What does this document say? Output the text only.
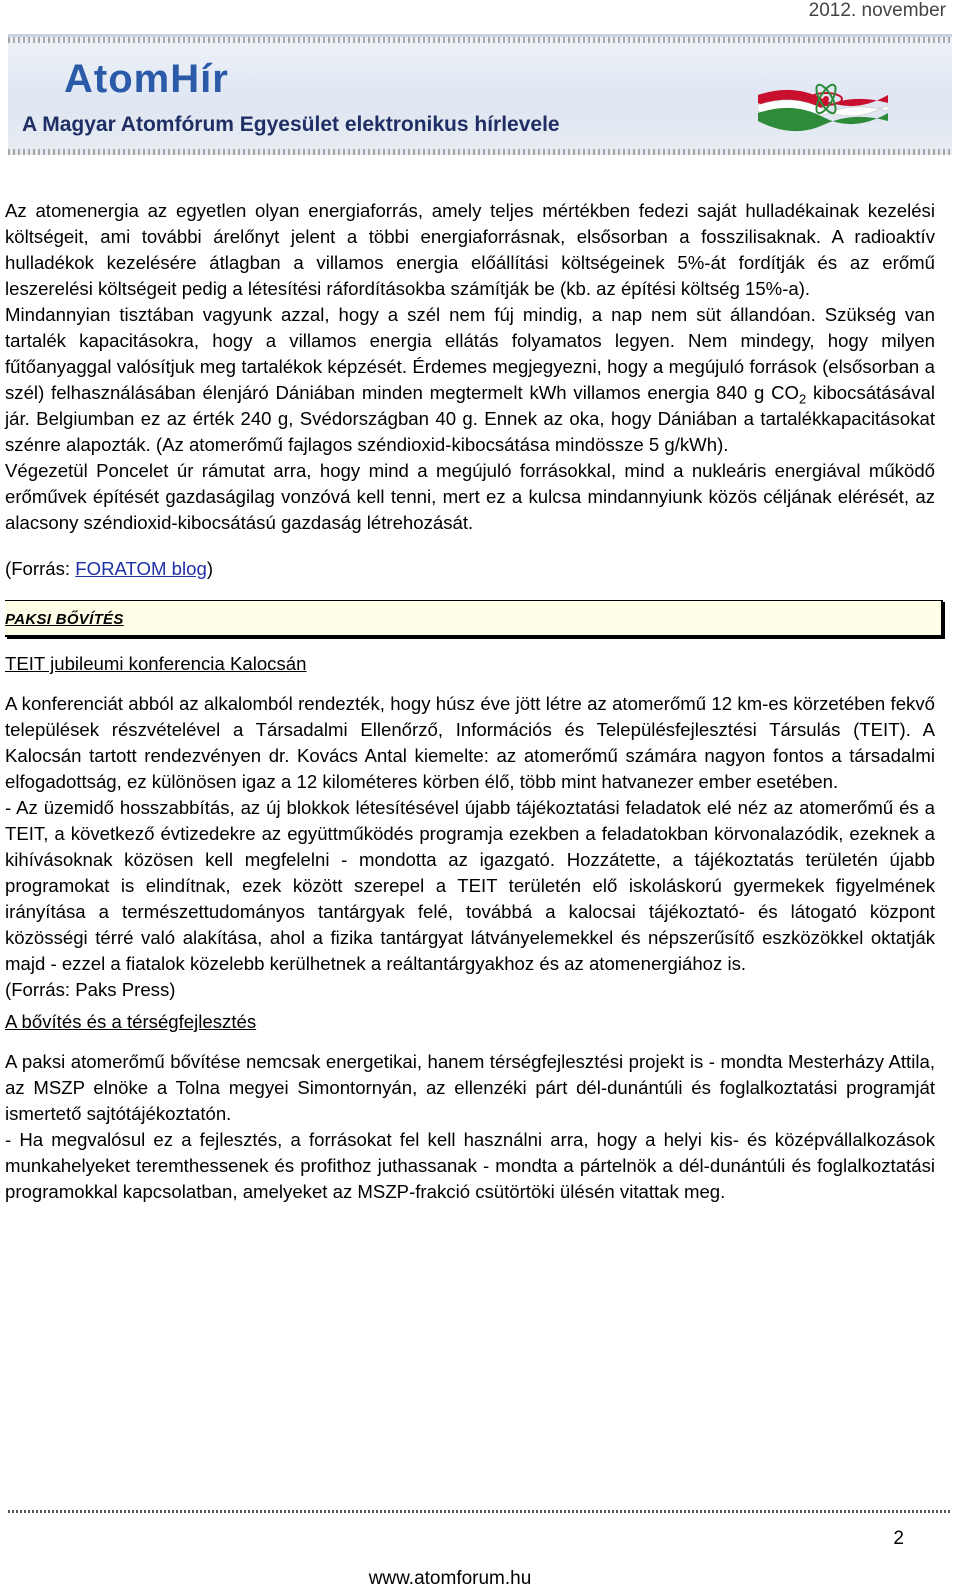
2012. november
AtomHír
A Magyar Atomfórum Egyesület elektronikus hírlevele

Az atomenergia az egyetlen olyan energiaforrás, amely teljes mértékben fedezi saját hulladékainak kezelési költségeit, ami további árelőnyt jelent a többi energiaforrásnak, elsősorban a fosszilisaknak. A radioaktív hulladékok kezelésére átlagban a villamos energia előállítási költségeinek 5%-át fordítják és az erőmű leszerelési költségeit pedig a létesítési ráfordításokba számítják be (kb. az építési költség 15%-a).

Mindannyian tisztában vagyunk azzal, hogy a szél nem fúj mindig, a nap nem süt állandóan. Szükség van tartalék kapacitásokra, hogy a villamos energia ellátás folyamatos legyen. Nem mindegy, hogy milyen fűtőanyaggal valósítjuk meg tartalékok képzését. Érdemes megjegyezni, hogy a megújuló források (elsősorban a szél) felhasználásában élenjáró Dániában minden megtermelt kWh villamos energia 840 g $CO_2$ kibocsátásával jár. Belgiumban ez az érték 240 g, Svédországban 40 g. Ennek az oka, hogy Dániában a tartalékkapacitásokat szénre alapozták. (Az atomerőmű fajlagos széndioxid-kibocsátása mindössze 5 g/kWh).

Végezetül Poncelet úr rámutat arra, hogy mind a megújuló forrásokkal, mind a nukleáris energiával működő erőművek építését gazdaságilag vonzóvá kell tenni, mert ez a kulcsa mindannyiunk közös céljának elérését, az alacsony széndioxid-kibocsátású gazdaság létrehozását.

(Forrás: FORATOM blog)

PAKSI BŐVÍTÉS

TEIT jubileumi konferencia Kalocsán

A konferenciát abból az alkalomból rendezték, hogy húsz éve jött létre az atomerőmű 12 km-es körzetében fekvő települések részvételével a Társadalmi Ellenőrző, Információs és Településfejlesztési Társulás (TEIT). A Kalocsán tartott rendezvényen dr. Kovács Antal kiemelte: az atomerőmű számára nagyon fontos a társadalmi elfogadottság, ez különösen igaz a 12 kilométeres körben élő, több mint hatvanezer ember esetében.

- Az üzemidő hosszabbítás, az új blokkok létesítésével újabb tájékoztatási feladatok elé néz az atomerőmű és a TEIT, a következő évtizedekre az együttműködés programja ezekben a feladatokban körvonalazódik, ezeknek a kihívásoknak közösen kell megfelelni - mondotta az igazgató. Hozzátette, a tájékoztatás területén újabb programokat is elindítnak, ezek között szerepel a TEIT területén elő iskoláskorú gyermekek figyelmének irányítása a természettudományos tantárgyak felé, továbbá a kalocsai tájékoztató- és látogató központ közösségi térré való alakítása, ahol a fizika tantárgyat látványelemekkel és népszerűsítő eszközökkel oktatják majd - ezzel a fiatalok közelebb kerülhetnek a reáltantárgyakhoz és az atomenergiához is.

(Forrás: Paks Press)

A bővítés és a térségfejlesztés

A paksi atomerőmű bővítése nemcsak energetikai, hanem térségfejlesztési projekt is - mondta Mesterházy Attila, az MSZP elnöke a Tolna megyei Simontornyán, az ellenzéki párt dél-dunántúli és foglalkoztatási programját ismertető sajtótájékoztatón.

- Ha megvalósul ez a fejlesztés, a forrásokat fel kell használni arra, hogy a helyi kis- és középvállalkozások munkahelyeket teremthessenek és profithoz juthassanak - mondta a pártelnök a dél-dunántúli és foglalkoztatási programokkal kapcsolatban, amelyeket az MSZP-frakció csütörtöki ülésén vitattak meg.

2
www.atomforum.hu
